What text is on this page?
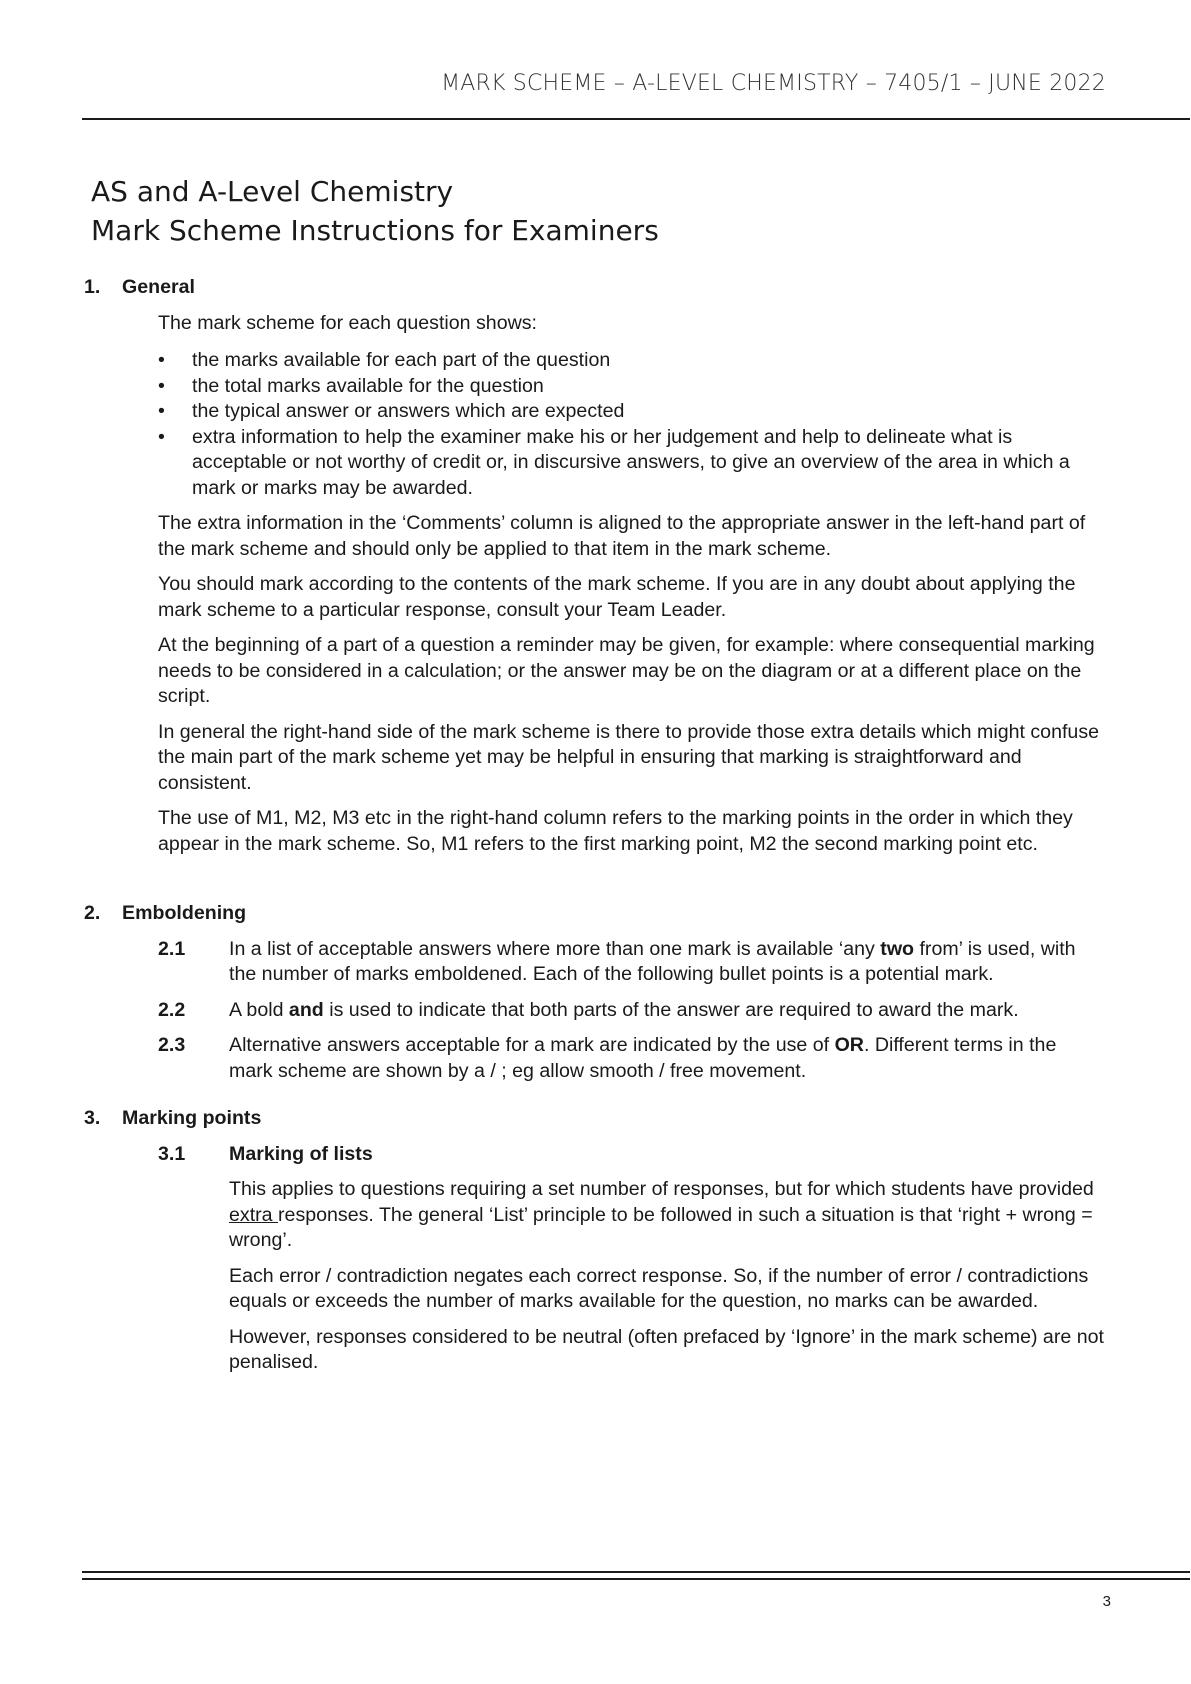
MARK SCHEME – A-LEVEL CHEMISTRY – 7405/1 – JUNE 2022
AS and A-Level Chemistry
Mark Scheme Instructions for Examiners
1.	General

The mark scheme for each question shows:

• the marks available for each part of the question
• the total marks available for the question
• the typical answer or answers which are expected
• extra information to help the examiner make his or her judgement and help to delineate what is acceptable or not worthy of credit or, in discursive answers, to give an overview of the area in which a mark or marks may be awarded.

The extra information in the ‘Comments’ column is aligned to the appropriate answer in the left-hand part of the mark scheme and should only be applied to that item in the mark scheme.

You should mark according to the contents of the mark scheme. If you are in any doubt about applying the mark scheme to a particular response, consult your Team Leader.

At the beginning of a part of a question a reminder may be given, for example: where consequential marking needs to be considered in a calculation; or the answer may be on the diagram or at a different place on the script.

In general the right-hand side of the mark scheme is there to provide those extra details which might confuse the main part of the mark scheme yet may be helpful in ensuring that marking is straightforward and consistent.

The use of M1, M2, M3 etc in the right-hand column refers to the marking points in the order in which they appear in the mark scheme. So, M1 refers to the first marking point, M2 the second marking point etc.

2.	Emboldening
2.1	In a list of acceptable answers where more than one mark is available ‘any two from’ is used, with the number of marks emboldened. Each of the following bullet points is a potential mark.
2.2	A bold and is used to indicate that both parts of the answer are required to award the mark.
2.3	Alternative answers acceptable for a mark are indicated by the use of OR. Different terms in the mark scheme are shown by a / ; eg allow smooth / free movement.
3.	Marking points
3.1	Marking of lists

This applies to questions requiring a set number of responses, but for which students have provided extra responses. The general ‘List’ principle to be followed in such a situation is that ‘right + wrong = wrong’.

Each error / contradiction negates each correct response. So, if the number of error / contradictions equals or exceeds the number of marks available for the question, no marks can be awarded.

However, responses considered to be neutral (often prefaced by ‘Ignore’ in the mark scheme) are not penalised.

3
